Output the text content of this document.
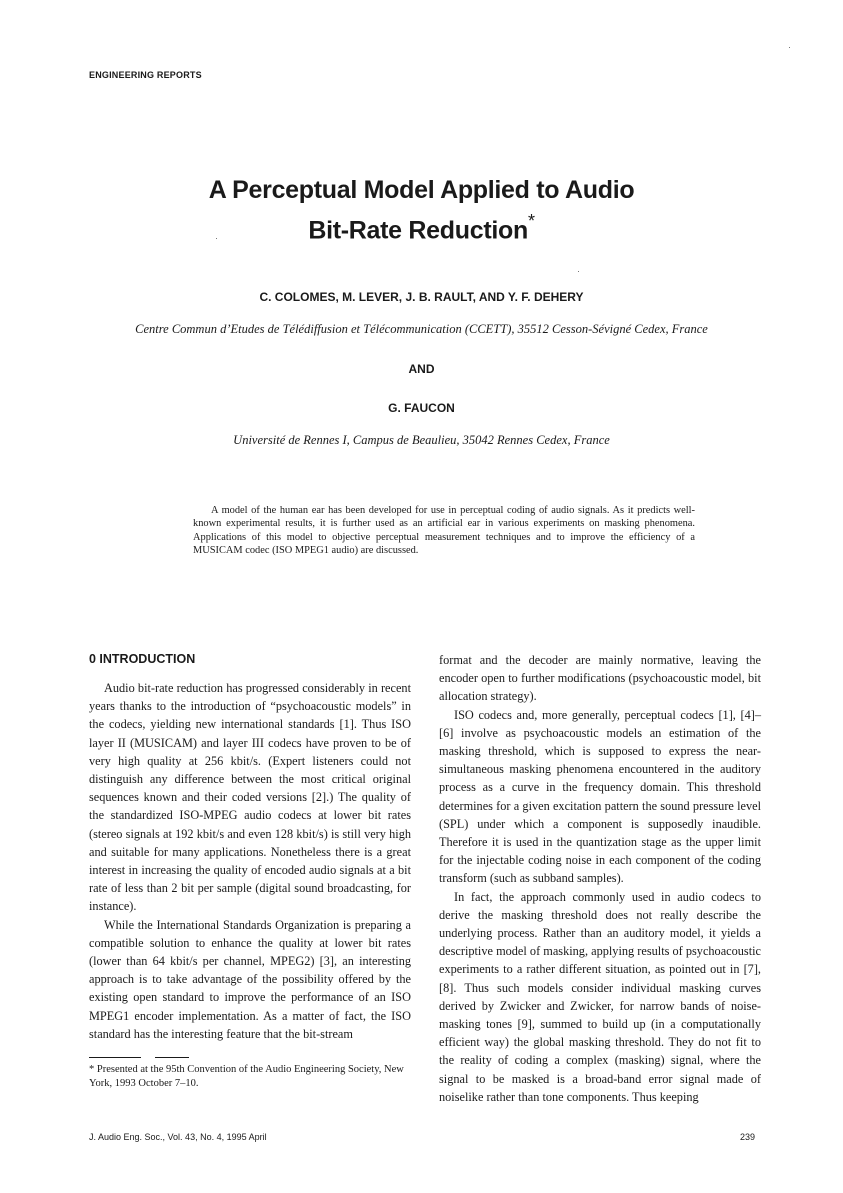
ENGINEERING REPORTS
A Perceptual Model Applied to Audio
Bit-Rate Reduction*
C. COLOMES, M. LEVER, J. B. RAULT, AND Y. F. DEHERY
Centre Commun d’Etudes de Télédiffusion et Télécommunication (CCETT), 35512 Cesson-Sévigné Cedex, France
AND
G. FAUCON
Université de Rennes I, Campus de Beaulieu, 35042 Rennes Cedex, France
A model of the human ear has been developed for use in perceptual coding of audio signals. As it predicts well-known experimental results, it is further used as an artificial ear in various experiments on masking phenomena. Applications of this model to objective perceptual measurement techniques and to improve the efficiency of a MUSICAM codec (ISO MPEG1 audio) are discussed.
0 INTRODUCTION

Audio bit-rate reduction has progressed considerably in recent years thanks to the introduction of “psychoacoustic models” in the codecs, yielding new international standards [1]. Thus ISO layer II (MUSICAM) and layer III codecs have proven to be of very high quality at 256 kbit/s. (Expert listeners could not distinguish any difference between the most critical original sequences known and their coded versions [2].) The quality of the standardized ISO-MPEG audio codecs at lower bit rates (stereo signals at 192 kbit/s and even 128 kbit/s) is still very high and suitable for many applications. Nonetheless there is a great interest in increasing the quality of encoded audio signals at a bit rate of less than 2 bit per sample (digital sound broadcasting, for instance).

While the International Standards Organization is preparing a compatible solution to enhance the quality at lower bit rates (lower than 64 kbit/s per channel, MPEG2) [3], an interesting approach is to take advantage of the possibility offered by the existing open standard to improve the performance of an ISO MPEG1 encoder implementation. As a matter of fact, the ISO standard has the interesting feature that the bit-stream

format and the decoder are mainly normative, leaving the encoder open to further modifications (psychoacoustic model, bit allocation strategy).

ISO codecs and, more generally, perceptual codecs [1], [4]–[6] involve as psychoacoustic models an estimation of the masking threshold, which is supposed to express the near-simultaneous masking phenomena encountered in the auditory process as a curve in the frequency domain. This threshold determines for a given excitation pattern the sound pressure level (SPL) under which a component is supposedly inaudible. Therefore it is used in the quantization stage as the upper limit for the injectable coding noise in each component of the coding transform (such as subband samples).

In fact, the approach commonly used in audio codecs to derive the masking threshold does not really describe the underlying process. Rather than an auditory model, it yields a descriptive model of masking, applying results of psychoacoustic experiments to a rather different situation, as pointed out in [7], [8]. Thus such models consider individual masking curves derived by Zwicker and Zwicker, for narrow bands of noise-masking tones [9], summed to build up (in a computationally efficient way) the global masking threshold. They do not fit to the reality of coding a complex (masking) signal, where the signal to be masked is a broad-band error signal made of noiselike rather than tone components. Thus keeping

* Presented at the 95th Convention of the Audio Engineering Society, New York, 1993 October 7–10.
J. Audio Eng. Soc., Vol. 43, No. 4, 1995 April	239
